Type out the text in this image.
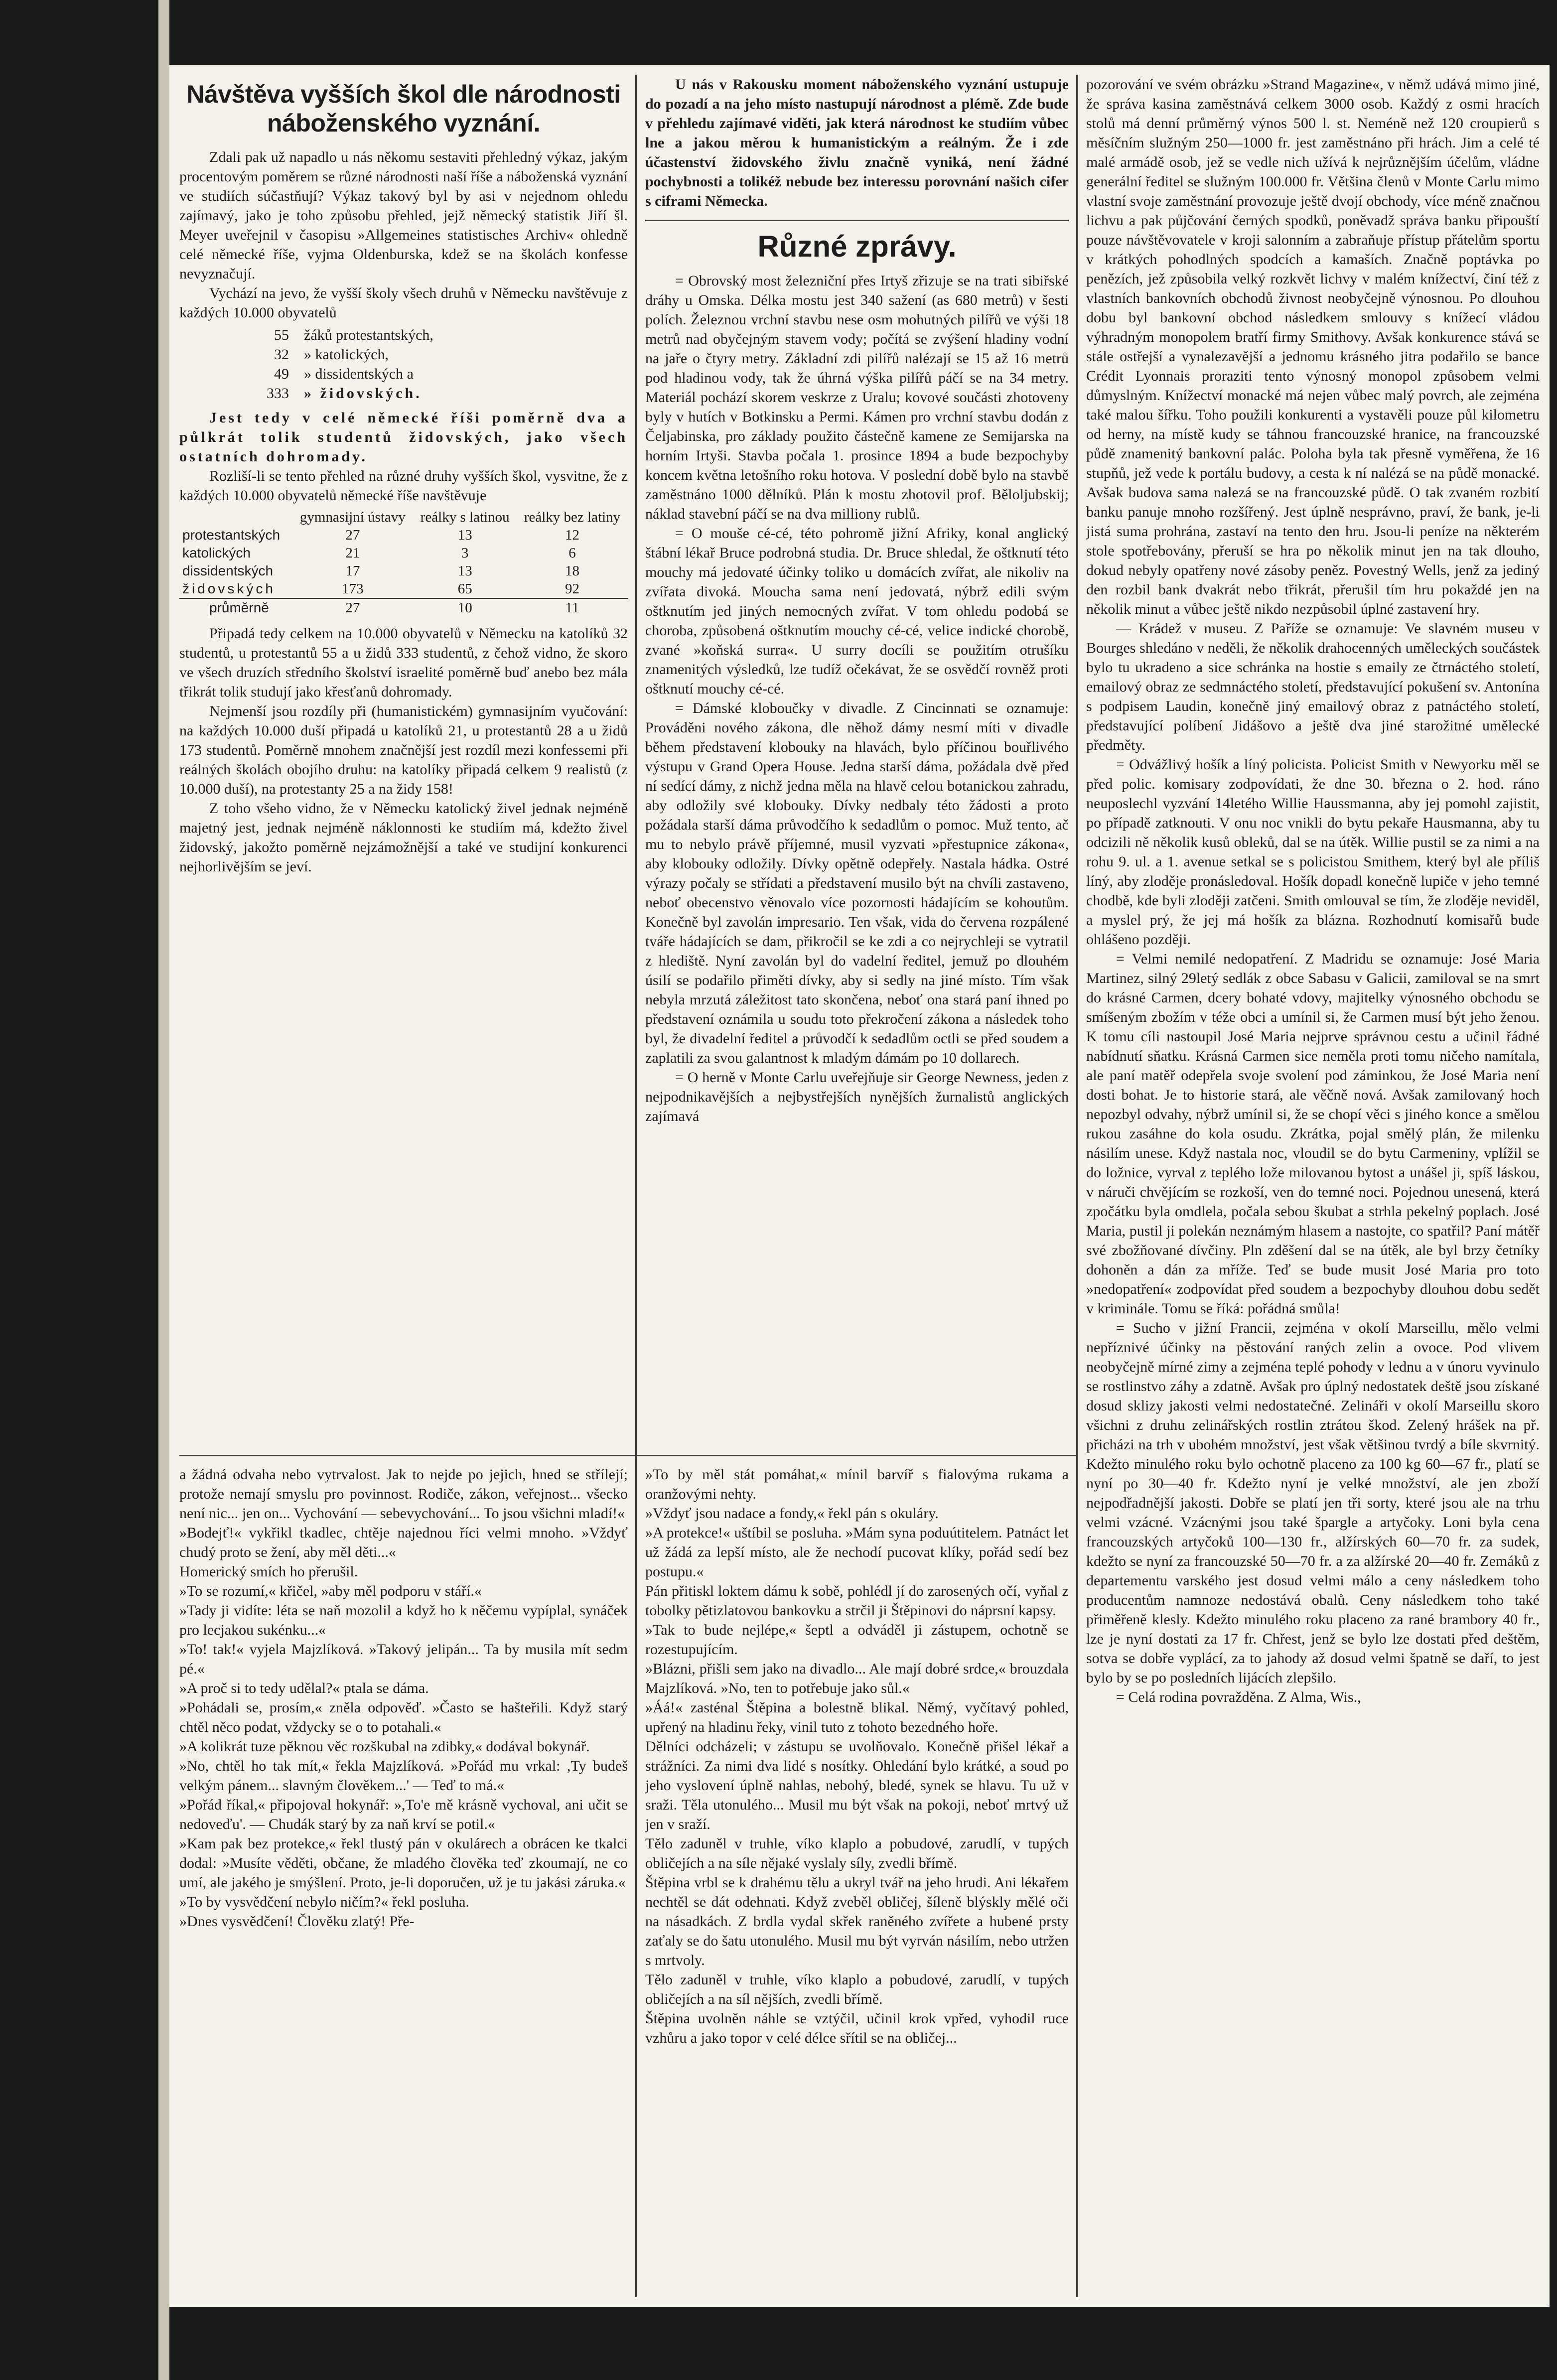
Návštěva vyšších škol dle národnosti náboženského vyznání.

Zdali pak už napadlo u nás někomu sestaviti přehledný výkaz, jakým procentovým poměrem se různé národnosti naší říše a náboženská vyznání ve studiích súčastňují? Výkaz takový byl by asi v nejednom ohledu zajímavý, jako je toho způsobu přehled, jejž německý statistik Jiří šl. Meyer uveřejnil v časopisu »Allgemeines statistisches Archiv« ohledně celé německé říše, vyjma Oldenburska, kdež se na školách konfesse nevyznačují.

Vychází na jevo, že vyšší školy všech druhů v Německu navštěvuje z každých 10.000 obyvatelů

55 žáků protestantských,
32 » katolických,
49 » dissidentských a
333 » židovských.

Jest tedy v celé německé říši poměrně dva a půlkrát tolik studentů židovských, jako všech ostatních dohromady.

Rozliší-li se tento přehled na různé druhy vyšších škol, vysvitne, že z každých 10.000 obyvatelů německé říše navštěvuje

	gymnasijní ústavy	reálky s latinou	reálky bez latiny
protestantských	27	13	12
katolických	21	3	6
dissidentských	17	13	18
židovských	173	65	92
průměrně	27	10	11

Připadá tedy celkem na 10.000 obyvatelů v Německu na katolíků 32 studentů, u protestantů 55 a u židů 333 studentů, z čehož vidno, že skoro ve všech druzích středního školství israelité poměrně buď anebo bez mála třikrát tolik studují jako křesťanů dohromady.

Nejmenší jsou rozdíly při (humanistickém) gymnasijním vyučování: na každých 10.000 duší připadá u katolíků 21, u protestantů 28 a u židů 173 studentů. Poměrně mnohem značnější jest rozdíl mezi konfessemi při reálných školách obojího druhu: na katolíky připadá celkem 9 realistů (z 10.000 duší), na protestanty 25 a na židy 158!

Z toho všeho vidno, že v Německu katolický živel jednak nejméně majetný jest, jednak nejméně náklonnosti ke studiím má, kdežto živel židovský, jakožto poměrně nejzámožnější a také ve studijní konkurenci nejhorlivějším se jeví.

U nás v Rakousku moment náboženského vyznání ustupuje do pozadí a na jeho místo nastupují národnost a plémě. Zde bude v přehledu zajímavé viděti, jak která národnost ke studiím vůbec lne a jakou měrou k humanistickým a reálným. Že i zde účastenství židovského živlu značně vyniká, není žádné pochybnosti a tolikéž nebude bez interessu porovnání našich cifer s ciframi Německa.

Různé zprávy.

= Obrovský most železniční přes Irtyš zřizuje se na trati sibiřské dráhy u Omska. Délka mostu jest 340 sažení (as 680 metrů) v šesti polích. Železnou vrchní stavbu nese osm mohutných pilířů ve výši 18 metrů nad obyčejným stavem vody; počítá se zvýšení hladiny vodní na jaře o čtyry metry. Základní zdi pilířů nalézají se 15 až 16 metrů pod hladinou vody, tak že úhrná výška pilířů páčí se na 34 metry. Materiál pochází skorem veskrze z Uralu; kovové součásti zhotoveny byly v hutích v Botkinsku a Permi. Kámen pro vrchní stavbu dodán z Čeljabinska, pro základy použito částečně kamene ze Semijarska na horním Irtyši. Stavba počala 1. prosince 1894 a bude bezpochyby koncem května letošního roku hotova. V poslední době bylo na stavbě zaměstnáno 1000 dělníků. Plán k mostu zhotovil prof. Běloljubskij; náklad stavební páčí se na dva milliony rublů.

= O mouše cé-cé, této pohromě jižní Afriky, konal anglický štábní lékař Bruce podrobná studia. Dr. Bruce shledal, že oštknutí této mouchy má jedovaté účinky toliko u domácích zvířat, ale nikoliv na zvířata divoká. Moucha sama není jedovatá, nýbrž edili svým oštknutím jed jiných nemocných zvířat. V tom ohledu podobá se choroba, způsobená oštknutím mouchy cé-cé, velice indické chorobě, zvané »koňská surra«. U surry docíli se použitím otrušíku znamenitých výsledků, lze tudíž očekávat, že se osvědčí rovněž proti oštknutí mouchy cé-cé.

= Dámské kloboučky v divadle. Z Cincinnati se oznamuje: Prováděni nového zákona, dle něhož dámy nesmí míti v divadle během představení klobouky na hlavách, bylo příčinou bouřlivého výstupu v Grand Opera House. Jedna starší dáma, požádala dvě před ní sedící dámy, z nichž jedna měla na hlavě celou botanickou zahradu, aby odložily své klobouky. Dívky nedbaly této žádosti a proto požádala starší dáma průvodčího k sedadlům o pomoc. Muž tento, ač mu to nebylo právě příjemné, musil vyzvati »přestupnice zákona«, aby klobouky odložily. Dívky opětně odepřely. Nastala hádka. Ostré výrazy počaly se střídati a představení musilo být na chvíli zastaveno, neboť obecenstvo věnovalo více pozornosti hádajícím se kohoutům. Konečně byl zavolán impresario. Ten však, vida do červena rozpálené tváře hádajících se dam, přikročil se ke zdi a co nejrychleji se vytratil z hlediště. Nyní zavolán byl do vadelní ředitel, jemuž po dlouhém úsilí se podařilo přiměti dívky, aby si sedly na jiné místo. Tím však nebyla mrzutá záležitost tato skončena, neboť ona stará paní ihned po představení oznámila u soudu toto překročení zákona a následek toho byl, že divadelní ředitel a průvodčí k sedadlům octli se před soudem a zaplatili za svou galantnost k mladým dámám po 10 dollarech.

= O herně v Monte Carlu uveřejňuje sir George Newness, jeden z nejpodnikavějších a nejbystřejších nynějších žurnalistů anglických zajímavá

pozorování ve svém obrázku »Strand Magazine«, v němž udává mimo jiné, že správa kasina zaměstnává celkem 3000 osob. Každý z osmi hracích stolů má denní průměrný výnos 500 l. st. Neméně než 120 croupierů s měsíčním služným 250—1000 fr. jest zaměstnáno při hrách. Jim a celé té malé armádě osob, jež se vedle nich užívá k nejrůznějším účelům, vládne generální ředitel se služným 100.000 fr. Většina členů v Monte Carlu mimo vlastní svoje zaměstnání provozuje ještě dvojí obchody, více méně značnou lichvu a pak půjčování černých spodků, poněvadž správa banku připouští pouze návštěvovatele v kroji salonním a zabraňuje přístup přátelům sportu v krátkých pohodlných spodcích a kamaších. Značně poptávka po penězích, jež způsobila velký rozkvět lichvy v malém knížectví, činí též z vlastních bankovních obchodů živnost neobyčejně výnosnou. Po dlouhou dobu byl bankovní obchod následkem smlouvy s knížecí vládou výhradným monopolem bratří firmy Smithovy. Avšak konkurence stává se stále ostřejší a vynalezavější a jednomu krásného jitra podařilo se bance Crédit Lyonnais proraziti tento výnosný monopol způsobem velmi důmyslným. Knížectví monacké má nejen vůbec malý povrch, ale zejména také malou šířku. Toho použili konkurenti a vystavěli pouze půl kilometru od herny, na místě kudy se táhnou francouzské hranice, na francouzské půdě znamenitý bankovní palác. Poloha byla tak přesně vyměřena, že 16 stupňů, jež vede k portálu budovy, a cesta k ní nalézá se na půdě monacké. Avšak budova sama nalezá se na francouzské půdě. O tak zvaném rozbití banku panuje mnoho rozšířený. Jest úplně nesprávno, praví, že bank, je-li jistá suma prohrána, zastaví na tento den hru. Jsou-li peníze na některém stole spotřebovány, přeruší se hra po několik minut jen na tak dlouho, dokud nebyly opatřeny nové zásoby peněz. Povestný Wells, jenž za jediný den rozbil bank dvakrát nebo třikrát, přerušil tím hru pokaždé jen na několik minut a vůbec ještě nikdo nezpůsobil úplné zastavení hry.

— Krádež v museu. Z Paříže se oznamuje: Ve slavném museu v Bourges shledáno v neděli, že několik drahocenných uměleckých součástek bylo tu ukradeno a sice schránka na hostie s emaily ze čtrnáctého století, emailový obraz ze sedmnáctého století, představující pokušení sv. Antonína s podpisem Laudin, konečně jiný emailový obraz z patnáctého století, představující políbení Jidášovo a ještě dva jiné starožitné umělecké předměty.

= Odvážlivý hošík a líný policista. Policist Smith v Newyorku měl se před polic. komisary zodpovídati, že dne 30. března o 2. hod. ráno neuposlechl vyzvání 14letého Willie Haussmanna, aby jej pomohl zajistit, po případě zatknouti. V onu noc vnikli do bytu pekaře Hausmanna, aby tu odcizili ně několik kusů obleků, dal se na útěk. Willie pustil se za nimi a na rohu 9. ul. a 1. avenue setkal se s policistou Smithem, který byl ale příliš líný, aby zloděje pronásledoval. Hošík dopadl konečně lupiče v jeho temné chodbě, kde byli zloději zatčeni. Smith omlouval se tím, že zloděje neviděl, a myslel prý, že jej má hošík za blázna. Rozhodnutí komisařů bude ohlášeno později.

= Velmi nemilé nedopatření. Z Madridu se oznamuje: José Maria Martinez, silný 29letý sedlák z obce Sabasu v Galicii, zamiloval se na smrt do krásné Carmen, dcery bohaté vdovy, majitelky výnosného obchodu se smíšeným zbožím v téže obci a umínil si, že Carmen musí být jeho ženou. K tomu cíli nastoupil José Maria nejprve správnou cestu a učinil řádné nabídnutí sňatku. Krásná Carmen sice neměla proti tomu ničeho namítala, ale paní matěř odepřela svoje svolení pod záminkou, že José Maria není dosti bohat. Je to historie stará, ale věčně nová. Avšak zamilovaný hoch nepozbyl odvahy, nýbrž umínil si, že se chopí věci s jiného konce a smělou rukou zasáhne do kola osudu. Zkrátka, pojal smělý plán, že milenku násilím unese. Když nastala noc, vloudil se do bytu Carmeniny, vplížil se do ložnice, vyrval z teplého lože milovanou bytost a unášel ji, spíš láskou, v náruči chvějícím se rozkoší, ven do temné noci. Pojednou unesená, která zpočátku byla omdlela, počala sebou škubat a strhla pekelný poplach. José Maria, pustil ji polekán neznámým hlasem a nastojte, co spatřil? Paní mátěř své zbožňované dívčiny. Pln zděšení dal se na útěk, ale byl brzy četníky dohoněn a dán za mříže. Teď se bude musit José Maria pro toto »nedopatření« zodpovídat před soudem a bezpochyby dlouhou dobu sedět v kriminále. Tomu se říká: pořádná smůla!

= Sucho v jižní Francii, zejména v okolí Marseillu, mělo velmi nepříznivé účinky na pěstování raných zelin a ovoce. Pod vlivem neobyčejně mírné zimy a zejména teplé pohody v lednu a v únoru vyvinulo se rostlinstvo záhy a zdatně. Avšak pro úplný nedostatek deště jsou získané dosud sklizy jakosti velmi nedostatečné. Zelináři v okolí Marseillu skoro všichni z druhu zelinářských rostlin ztrátou škod. Zelený hrášek na př. přicházi na trh v ubohém množství, jest však většinou tvrdý a bíle skvrnitý. Kdežto minulého roku bylo ochotně placeno za 100 kg 60—67 fr., platí se nyní po 30—40 fr. Kdežto nyní je velké množství, ale jen zboží nejpodřadnější jakosti. Dobře se platí jen tři sorty, které jsou ale na trhu velmi vzácné. Vzácnými jsou také špargle a artyčoky. Loni byla cena francouzských artyčoků 100—130 fr., alžírských 60—70 fr. za sudek, kdežto se nyní za francouzské 50—70 fr. a za alžírské 20—40 fr. Zemáků z departementu varského jest dosud velmi málo a ceny následkem toho producentům namnoze nedostává obalů. Ceny následkem toho také přiměřeně klesly. Kdežto minulého roku placeno za rané brambory 40 fr., lze je nyní dostati za 17 fr. Chřest, jenž se bylo lze dostati před deštěm, sotva se dobře vyplácí, za to jahody až dosud velmi špatně se daří, to jest bylo by se po posledních lijácích zlepšilo.

= Celá rodina povražděna. Z Alma, Wis.,

a žádná odvaha nebo vytrvalost. Jak to nejde po jejich, hned se střílejí; protože nemají smyslu pro povinnost. Rodiče, zákon, veřejnost... všecko není nic... jen on... Vychování — sebevychování... To jsou všichni mladí!«
»Bodejť!« vykřikl tkadlec, chtěje najednou říci velmi mnoho. »Vždyť chudý proto se žení, aby měl děti...«
Homerický smích ho přerušil.
»To se rozumí,« křičel, »aby měl podporu v stáří.«
»Tady ji vidíte: léta se naň mozolil a když ho k něčemu vypíplal, synáček pro lecjakou sukénku...«
»To! tak!« vyjela Majzlíková. »Takový jelipán... Ta by musila mít sedm pé.«
»A proč si to tedy udělal?« ptala se dáma.
»Pohádali se, prosím,« zněla odpověď. »Často se hašteřili. Když starý chtěl něco podat, vždycky se o to potahali.«
»A kolikrát tuze pěknou věc rozškubal na zdibky,« dodával bokynář.
»No, chtěl ho tak mít,« řekla Majzlíková. »Pořád mu vrkal: ,Ty budeš velkým pánem... slavným člověkem...' — Teď to má.«
»Pořád říkal,« připojoval hokynář: »,To'e mě krásně vychoval, ani učit se nedoveďu'. — Chudák starý by za naň krví se potil.«
»Kam pak bez protekce,« řekl tlustý pán v okulárech a obrácen ke tkalci dodal: »Musíte věděti, občane, že mladého člověka teď zkoumají, ne co umí, ale jakého je smýšlení. Proto, je-li doporučen, už je tu jakási záruka.«
»To by vysvědčení nebylo ničím?« řekl posluha.
»Dnes vysvědčení! Člověku zlatý! Pře-
»To by měl stát pomáhat,« mínil barvíř s fialovýma rukama a oranžovými nehty.
»Vždyť jsou nadace a fondy,« řekl pán s okuláry.
»A protekce!« uštíbil se posluha. »Mám syna poduútitelem. Patnáct let už žádá za lepší místo, ale že nechodí pucovat klíky, pořád sedí bez postupu.«
Pán přitiskl loktem dámu k sobě, pohlédl jí do zarosených očí, vyňal z tobolky pětizlatovou bankovku a strčil ji Štěpinovi do náprsní kapsy.
»Tak to bude nejlépe,« šeptl a odváděl ji zástupem, ochotně se rozestupujícím.
»Blázni, přišli sem jako na divadlo... Ale mají dobré srdce,« brouzdala Majzlíková. »No, ten to potřebuje jako sůl.«
»Áá!« zasténal Štěpina a bolestně blikal. Němý, vyčítavý pohled, upřený na hladinu řeky, vinil tuto z tohoto bezedného hoře.
Dělníci odcházeli; v zástupu se uvolňovalo. Konečně přišel lékař a strážníci. Za nimi dva lidé s nosítky. Ohledání bylo krátké, a soud po jeho vyslovení úplně nahlas, nebohý, bledé, synek se hlavu. Tu už v sraži. Těla utonulého... Musil mu být však na pokoji, neboť mrtvý už jen v sraží.
Tělo zaduněl v truhle, víko klaplo a pobudové, zarudlí, v tupých obličejích a na síle nějaké vyslaly síly, zvedli břímě.
Štěpina vrbl se k drahému tělu a ukryl tvář na jeho hrudi. Ani lékařem nechtěl se dát odehnati. Když zveběl obličej, šíleně blýskly mělé oči na násadkách. Z brdla vydal skřek raněného zvířete a hubené prsty zaťaly se do šatu utonulého. Musil mu být vyrván násilím, nebo utržen s mrtvoly.
Tělo zaduněl v truhle, víko klaplo a pobudové, zarudlí, v tupých obličejích a na síl nějších, zvedli břímě.
Štěpina uvolněn náhle se vztýčil, učinil krok vpřed, vyhodil ruce vzhůru a jako topor v celé délce sřítil se na obličej...
